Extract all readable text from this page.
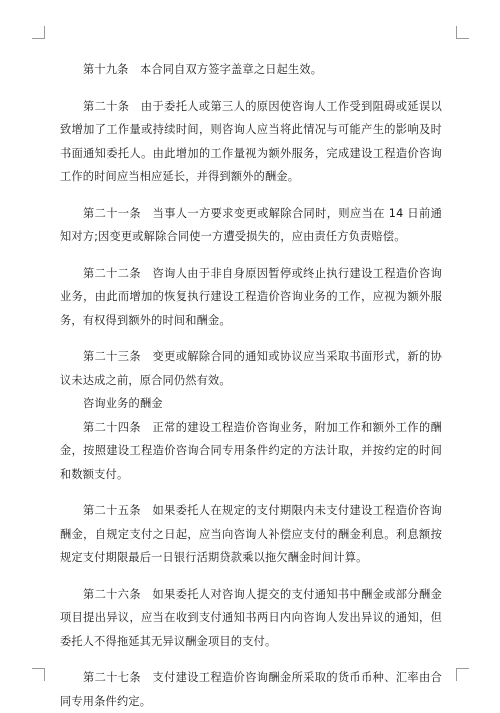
第十九条　本合同自双方签字盖章之日起生效。

第二十条　由于委托人或第三人的原因使咨询人工作受到阻碍或延误以致增加了工作量或持续时间，则咨询人应当将此情况与可能产生的影响及时书面通知委托人。由此增加的工作量视为额外服务，完成建设工程造价咨询工作的时间应当相应延长，并得到额外的酬金。

第二十一条　当事人一方要求变更或解除合同时，则应当在 14 日前通知对方;因变更或解除合同使一方遭受损失的，应由责任方负责赔偿。

第二十二条　咨询人由于非自身原因暂停或终止执行建设工程造价咨询业务，由此而增加的恢复执行建设工程造价咨询业务的工作，应视为额外服务，有权得到额外的时间和酬金。

第二十三条　变更或解除合同的通知或协议应当采取书面形式，新的协议未达成之前，原合同仍然有效。

咨询业务的酬金

第二十四条　正常的建设工程造价咨询业务，附加工作和额外工作的酬金，按照建设工程造价咨询合同专用条件约定的方法计取，并按约定的时间和数额支付。

第二十五条　如果委托人在规定的支付期限内未支付建设工程造价咨询酬金，自规定支付之日起，应当向咨询人补偿应支付的酬金利息。利息额按规定支付期限最后一日银行活期贷款乘以拖欠酬金时间计算。

第二十六条　如果委托人对咨询人提交的支付通知书中酬金或部分酬金项目提出异议，应当在收到支付通知书两日内向咨询人发出异议的通知，但委托人不得拖延其无异议酬金项目的支付。

第二十七条　支付建设工程造价咨询酬金所采取的货币币种、汇率由合同专用条件约定。
